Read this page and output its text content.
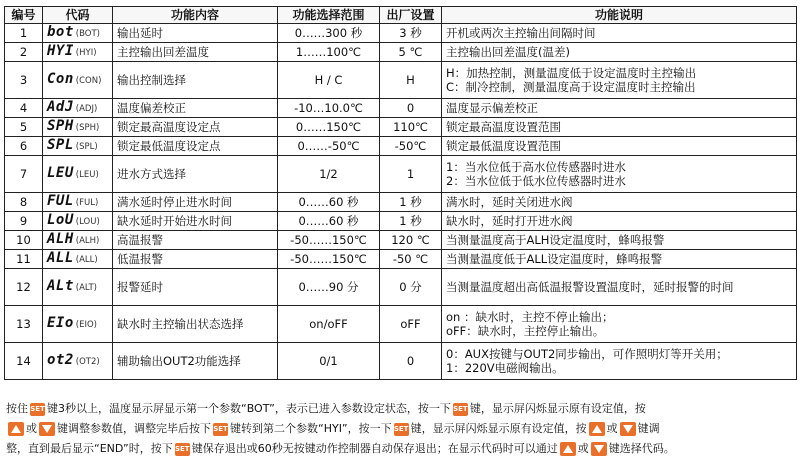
编号	代码	功能内容	功能选择范围	出厂设置	功能说明
1	bot (BOT)	输出延时	0……300 秒	3 秒	开机或两次主控输出间隔时间
2	HYI (HYI)	主控输出回差温度	1……100℃	5 ℃	主控输出回差温度(温差)
3	Con (CON)	输出控制选择	H / C	H	H：加热控制，测量温度低于设定温度时主控输出
C：制冷控制，测量温度高于设定温度时主控输出
4	AdJ (ADJ)	温度偏差校正	-10…10.0℃	0	温度显示偏差校正
5	SPH (SPH)	锁定最高温度设定点	0……150℃	110℃	锁定最高温度设置范围
6	SPL (SPL)	锁定最低温度设定点	0……-50℃	-50℃	锁定最低温度设置范围
7	LEU (LEU)	进水方式选择	1/2	1	1：当水位低于高水位传感器时进水
2：当水位低于低水位传感器时进水
8	FUL (FUL)	满水延时停止进水时间	0……60 秒	1 秒	满水时，延时关闭进水阀
9	LoU (LOU)	缺水延时开始进水时间	0……60 秒	1 秒	缺水时，延时打开进水阀
10	ALH (ALH)	高温报警	-50……150℃	120 ℃	当测量温度高于ALH设定温度时，蜂鸣报警
11	ALL (ALL)	低温报警	-50……150℃	-50 ℃	当测量温度低于ALL设定温度时，蜂鸣报警
12	ALt (ALT)	报警延时	0……90 分	0 分	当测量温度超出高低温报警设置温度时，延时报警的时间
13	EIo (EIO)	缺水时主控输出状态选择	on/oFF	oFF	on ：缺水时，主控不停止输出；
oFF：缺水时，主控停止输出。
14	ot2 (OT2)	辅助输出OUT2功能选择	0/1	0	0：AUX按键与OUT2同步输出，可作照明灯等开关用；
1：220V电磁阀输出。
按住 SET 键3秒以上，温度显示屏显示第一个参数“BOT”，表示已进入参数设定状态，按一下 SET 键，显示屏闪烁显示原有设定值，按
或 键调整参数值，调整完毕后按下 SET 键转到第二个参数“HYI”，按一下 SET 键，显示屏闪烁显示原有设定值，按 或 键调
整，直到最后显示“END”时，按下 SET 键保存退出或60秒无按键动作控制器自动保存退出；在显示代码时可以通过 或 键选择代码。
